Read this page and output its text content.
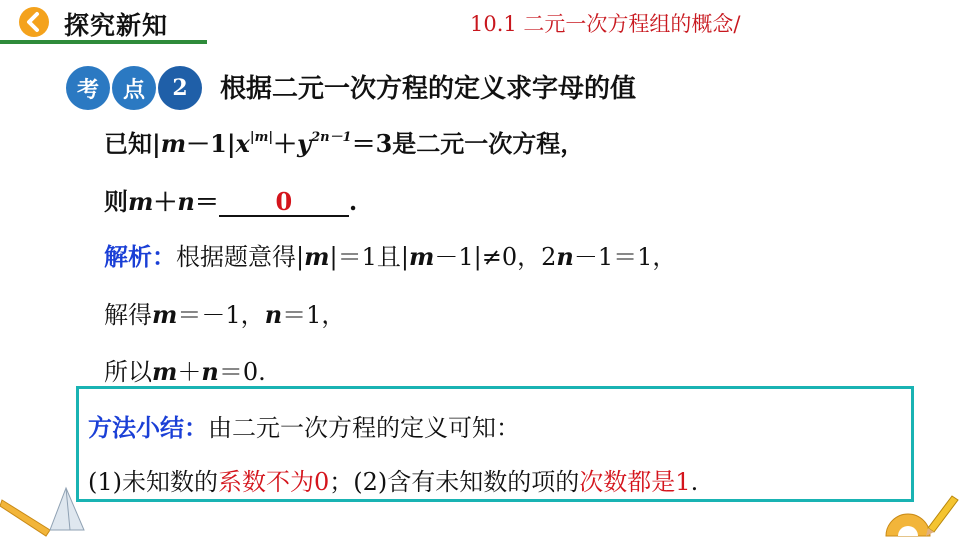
探究新知	10.1 二元一次方程组的概念/
考	点	2	根据二元一次方程的定义求字母的值
已知$|m-1|x^{|m|}+y^{2n-1}=3$是二元一次方程，
则m＋n＝ 0 .
解析：根据题意得|m|＝1且|m－1|≠0，2n－1＝1，
解得m＝－1，n＝1，
所以m＋n＝0.
方法小结：由二元一次方程的定义可知：
(1)未知数的系数不为0；(2)含有未知数的项的次数都是1.
